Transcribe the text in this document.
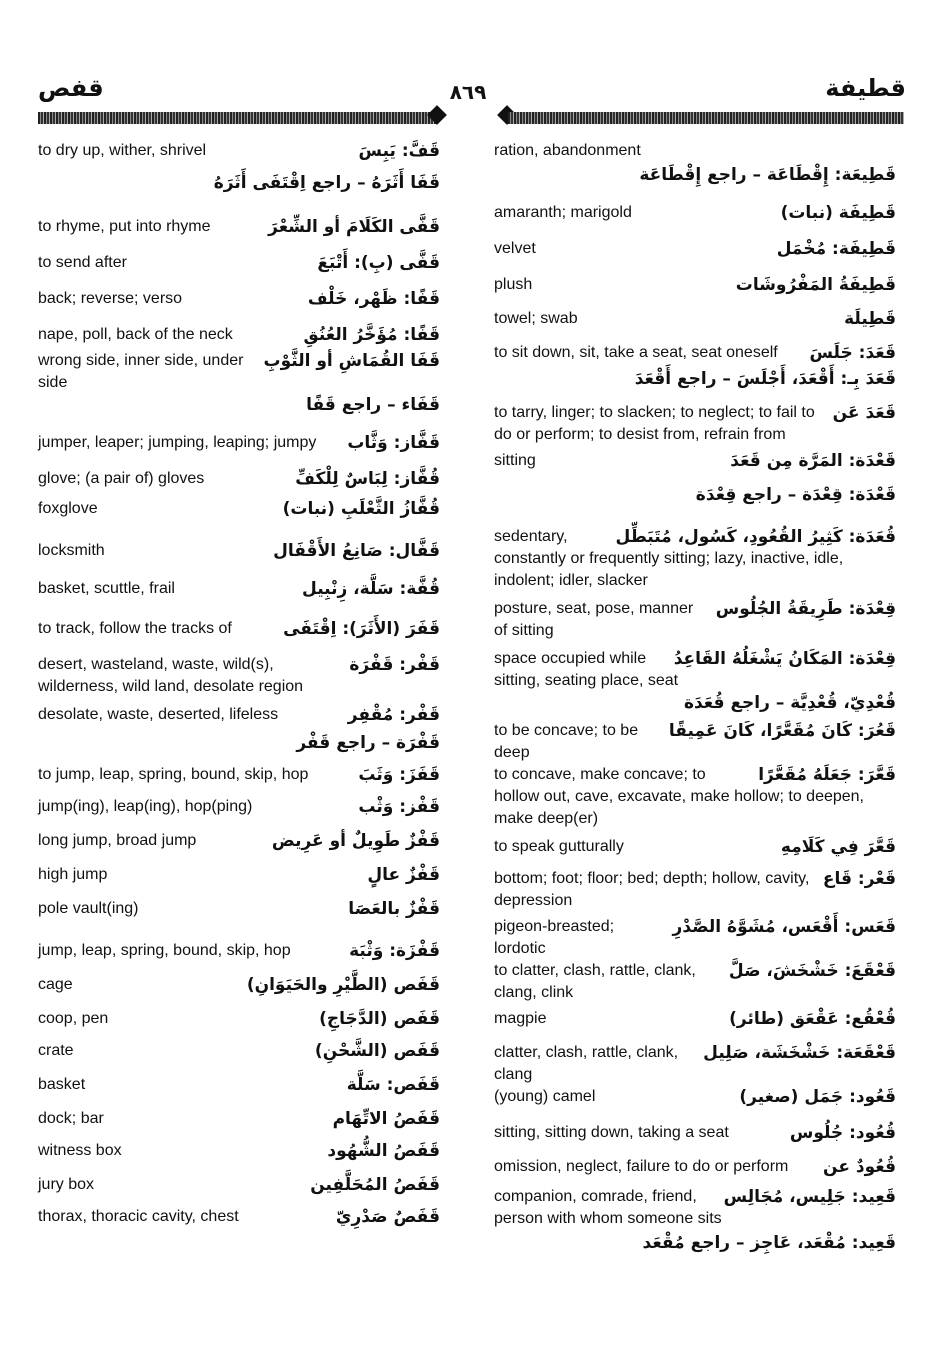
قفص	٨٦٩	قطيفة
قَفَّ: يَبِسَ
to dry up, wither, shrivel
قَفَا أَثَرَهُ – راجع اِقْتَفَى أَثَرَهُ
قَفَّى الكَلَامَ أو الشِّعْرَ
to rhyme, put into rhyme
قَفَّى (بِ): أَتْبَعَ
to send after
قَفًا: ظَهْر، خَلْف
back; reverse; verso
قَفًا: مُؤَخَّرُ العُنُقِ
nape, poll, back of the neck
قَفَا القُمَاشِ أو الثَّوْبِ
wrong side, inner side, under side
قَفَاء – راجع قَفًا
قَفَّاز: وَثَّاب
jumper, leaper; jumping, leaping; jumpy
قُفَّاز: لِبَاسٌ لِلْكَفِّ
glove; (a pair of) gloves
قُفَّازُ الثَّعْلَبِ (نبات)
foxglove
قَفَّال: صَانِعُ الأَقْفَال
locksmith
قُفَّة: سَلَّة، زِنْبِيل
basket, scuttle, frail
قَفَرَ (الأَثَرَ): اِقْتَفَى
to track, follow the tracks of
قَفْر: قَفْرَة
desert, wasteland, waste, wild(s), wilderness, wild land, desolate region
قَفْر: مُقْفِر
desolate, waste, deserted, lifeless
قَفْرَة – راجع قَفْر
قَفَزَ: وَثَبَ
to jump, leap, spring, bound, skip, hop
قَفْز: وَثْب
jump(ing), leap(ing), hop(ping)
قَفْزٌ طَوِيلٌ أو عَرِيض
long jump, broad jump
قَفْزٌ عالٍ
high jump
قَفْزٌ بالعَصَا
pole vault(ing)
قَفْزَة: وَثْبَة
jump, leap, spring, bound, skip, hop
قَفَص (الطَّيْرِ والحَيَوَانِ)
cage
قَفَص (الدَّجَاجِ)
coop, pen
قَفَص (الشَّحْنِ)
crate
قَفَص: سَلَّة
basket
قَفَصُ الاتِّهَام
dock; bar
قَفَصُ الشُّهُود
witness box
قَفَصُ المُحَلَّفِين
jury box
قَفَصٌ صَدْرِيّ
thorax, thoracic cavity, chest
ration, abandonment
قَطِيعَة: إِقْطَاعَة – راجع إِقْطَاعَة
قَطِيفَة (نبات)
amaranth; marigold
قَطِيفَة: مُخْمَل
velvet
قَطِيفَةُ المَفْرُوشَات
plush
قَطِيلَة
towel; swab
قَعَدَ: جَلَسَ
to sit down, sit, take a seat, seat oneself
قَعَدَ بِـ: أَقْعَدَ، أَجْلَسَ – راجع أَقْعَدَ
قَعَدَ عَن
to tarry, linger; to slacken; to neglect; to fail to do or perform; to desist from, refrain from
قَعْدَة: المَرَّة مِن قَعَدَ
sitting
قَعْدَة: قِعْدَة – راجع قِعْدَة
قُعَدَة: كَثِيرُ القُعُودِ، كَسُول، مُتَبَطِّل
sedentary, constantly or frequently sitting; lazy, inactive, idle, indolent; idler, slacker
قِعْدَة: طَرِيقَةُ الجُلُوس
posture, seat, pose, manner of sitting
قِعْدَة: المَكَانُ يَشْغَلُهُ القَاعِدُ
space occupied while sitting, seating place, seat
قُعْدِيّ، قُعْدِيَّة – راجع قُعَدَة
قَعُرَ: كَانَ مُقَعَّرًا، كَانَ عَمِيقًا
to be concave; to be deep
قَعَّرَ: جَعَلَهُ مُقَعَّرًا
to concave, make concave; to hollow out, cave, excavate, make hollow; to deepen, make deep(er)
قَعَّرَ فِي كَلَامِهِ
to speak gutturally
قَعْر: قَاع
bottom; foot; floor; bed; depth; hollow, cavity, depression
قَعَس: أَقْعَس، مُشَوَّهُ الصَّدْرِ
pigeon-breasted; lordotic
قَعْقَعَ: خَشْخَشَ، صَلَّ
to clatter, clash, rattle, clank, clang, clink
قُعْقُع: عَقْعَق (طائر)
magpie
قَعْقَعَة: خَشْخَشَة، صَلِيل
clatter, clash, rattle, clank, clang
قَعُود: جَمَل (صغير)
(young) camel
قُعُود: جُلُوس
sitting, sitting down, taking a seat
قُعُودٌ عن
omission, neglect, failure to do or perform
قَعِيد: جَلِيس، مُجَالِس
companion, comrade, friend, person with whom someone sits
قَعِيد: مُقْعَد، عَاجِز – راجع مُقْعَد
